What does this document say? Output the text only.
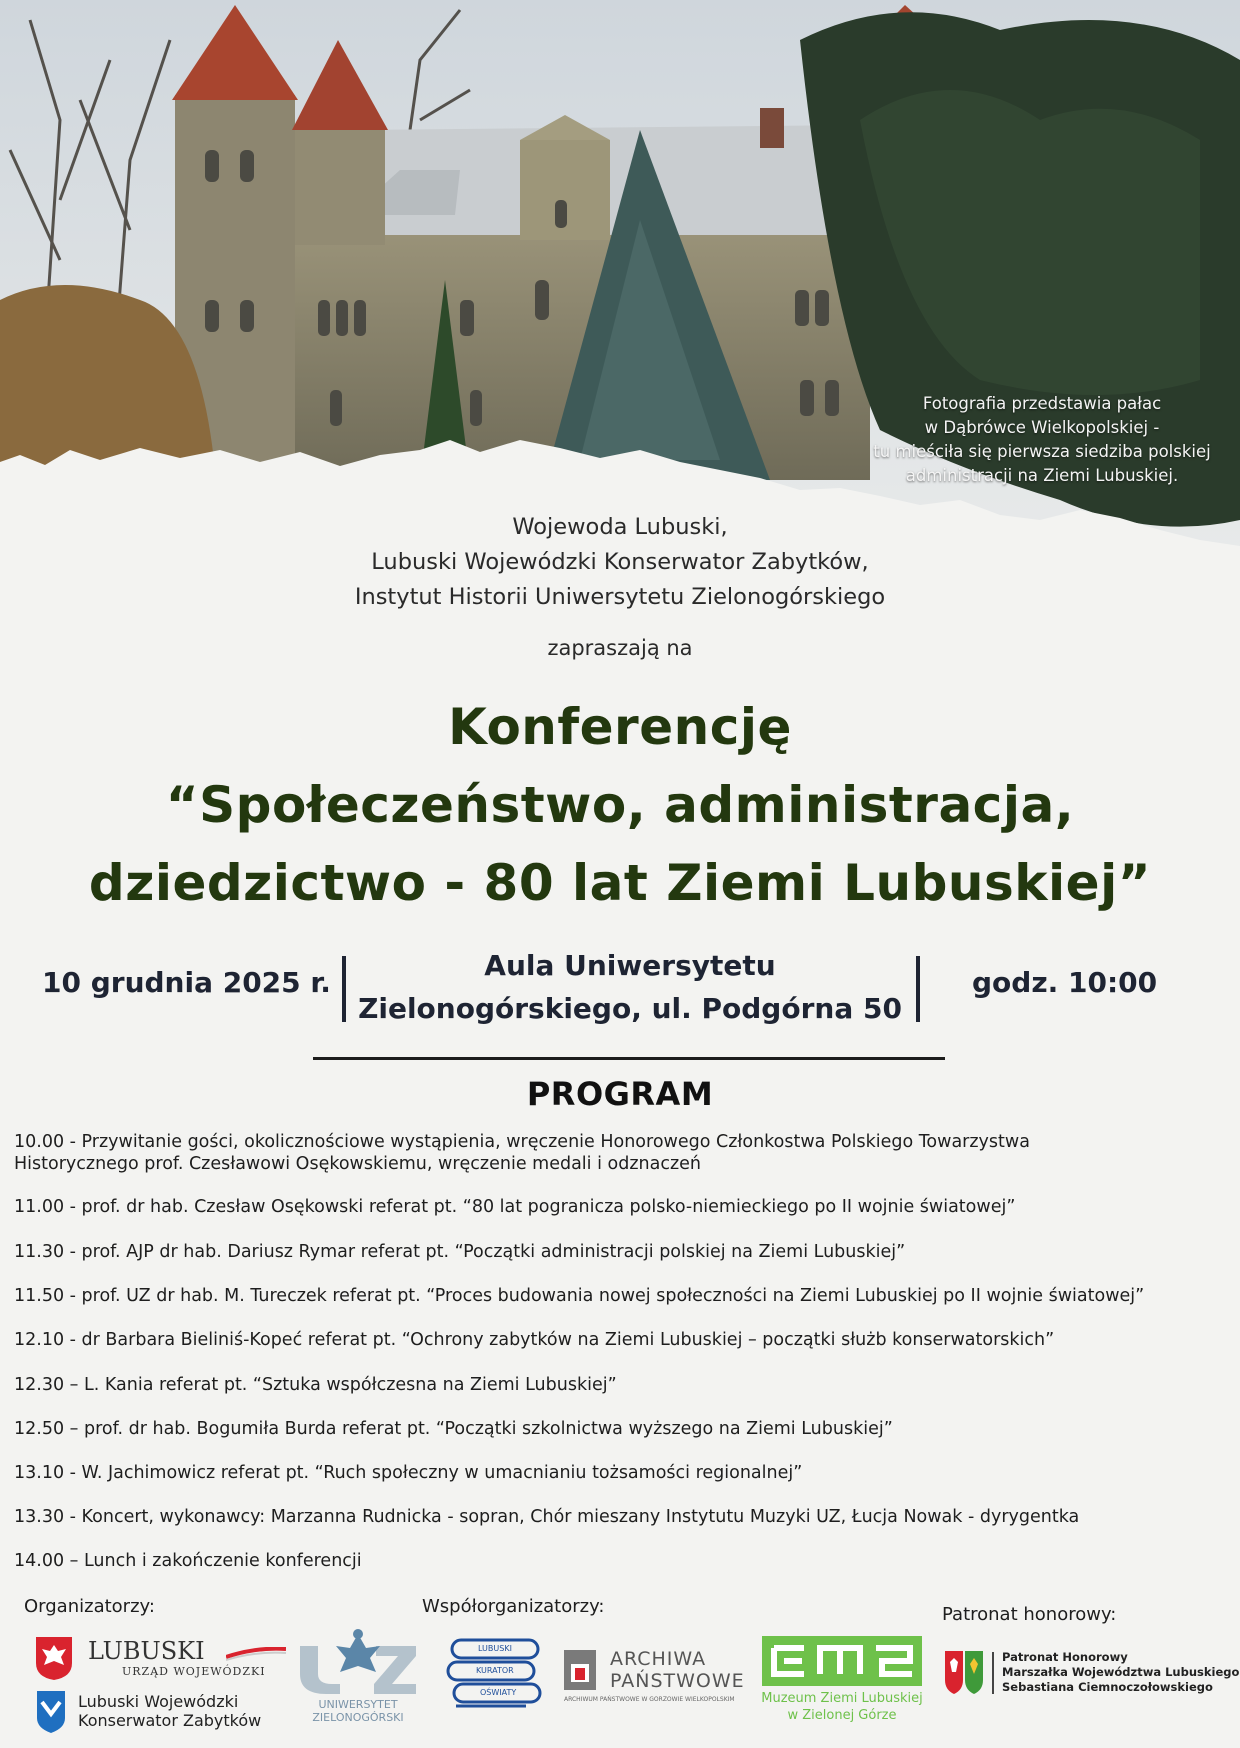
Fotografia przedstawia pałac
w Dąbrówce Wielkopolskiej -
tu mieściła się pierwsza siedziba polskiej
administracji na Ziemi Lubuskiej.
Wojewoda Lubuski,
Lubuski Wojewódzki Konserwator Zabytków,
Instytut Historii Uniwersytetu Zielonogórskiego
zapraszają na
Konferencję
“Społeczeństwo, administracja,
dziedzictwo - 80 lat Ziemi Lubuskiej”
10 grudnia 2025 r.
Aula Uniwersytetu
Zielonogórskiego, ul. Podgórna 50
godz. 10:00
PROGRAM
10.00 - Przywitanie gości, okolicznościowe wystąpienia, wręczenie Honorowego Członkostwa Polskiego Towarzystwa
Historycznego prof. Czesławowi Osękowskiemu, wręczenie medali i odznaczeń
11.00 - prof. dr hab. Czesław Osękowski referat pt. “80 lat pogranicza polsko-niemieckiego po II wojnie światowej”
11.30 - prof. AJP dr hab. Dariusz Rymar referat pt. “Początki administracji polskiej na Ziemi Lubuskiej”
11.50 - prof. UZ dr hab. M. Tureczek referat pt. “Proces budowania nowej społeczności na Ziemi Lubuskiej po II wojnie światowej”
12.10 - dr Barbara Bieliniś-Kopeć referat pt. “Ochrony zabytków na Ziemi Lubuskiej – początki służb konserwatorskich”
12.30 – L. Kania referat pt. “Sztuka współczesna na Ziemi Lubuskiej”
12.50 – prof. dr hab. Bogumiła Burda referat pt. “Początki szkolnictwa wyższego na Ziemi Lubuskiej”
13.10 - W. Jachimowicz referat pt. “Ruch społeczny w umacnianiu tożsamości regionalnej”
13.30 - Koncert, wykonawcy: Marzanna Rudnicka - sopran, Chór mieszany Instytutu Muzyki UZ, Łucja Nowak - dyrygentka
14.00 – Lunch i zakończenie konferencji
Organizatorzy:	Współorganizatorzy:	Patronat honorowy:
LUBUSKI
URZĄD WOJEWÓDZKI
Lubuski Wojewódzki
Konserwator Zabytków
UNIWERSYTET
ZIELONOGÓRSKI
LUBUSKI
KURATOR
OŚWIATY
ARCHIWA
PAŃSTWOWE
ARCHIWUM PAŃSTWOWE W GORZOWIE WIELKOPOLSKIM Muzeum Ziemi Lubuskiej
w Zielonej Górze
Patronat Honorowy
Marszałka Województwa Lubuskiego
Sebastiana Ciemnoczołowskiego
